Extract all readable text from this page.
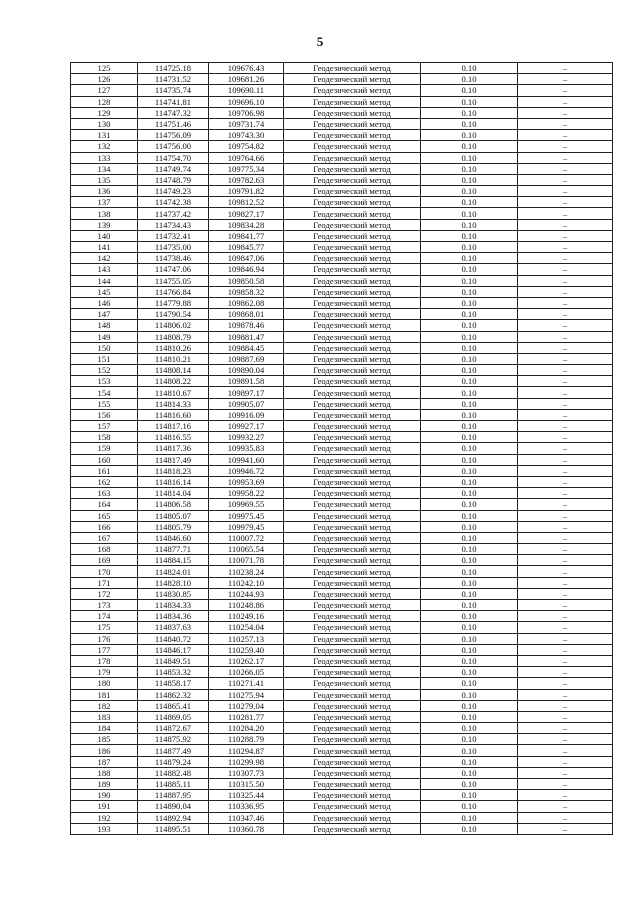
5
125	114725.18	109676.43	Геодезический метод	0.10	–
126	114731.52	109681.26	Геодезический метод	0.10	–
127	114735.74	109690.11	Геодезический метод	0.10	–
128	114741.81	109696.10	Геодезический метод	0.10	–
129	114747.32	109706.98	Геодезический метод	0.10	–
130	114751.46	109731.74	Геодезический метод	0.10	–
131	114756.09	109743.30	Геодезический метод	0.10	–
132	114756.00	109754.82	Геодезический метод	0.10	–
133	114754.70	109764.66	Геодезический метод	0.10	–
134	114749.74	109775.34	Геодезический метод	0.10	–
135	114748.79	109782.63	Геодезический метод	0.10	–
136	114749.23	109791.82	Геодезический метод	0.10	–
137	114742.38	109812.52	Геодезический метод	0.10	–
138	114737.42	109827.17	Геодезический метод	0.10	–
139	114734.43	109834.28	Геодезический метод	0.10	–
140	114732.41	109841.77	Геодезический метод	0.10	–
141	114735.00	109845.77	Геодезический метод	0.10	–
142	114738.46	109847.06	Геодезический метод	0.10	–
143	114747.06	109846.94	Геодезический метод	0.10	–
144	114755.05	109850.58	Геодезический метод	0.10	–
145	114766.84	109858.32	Геодезический метод	0.10	–
146	114779.88	109862.08	Геодезический метод	0.10	–
147	114790.54	109868.01	Геодезический метод	0.10	–
148	114806.02	109878.46	Геодезический метод	0.10	–
149	114808.79	109881.47	Геодезический метод	0.10	–
150	114810.26	109884.45	Геодезический метод	0.10	–
151	114810.21	109887.69	Геодезический метод	0.10	–
152	114808.14	109890.04	Геодезический метод	0.10	–
153	114808.22	109891.58	Геодезический метод	0.10	–
154	114810.67	109897.17	Геодезический метод	0.10	–
155	114814.33	109905.07	Геодезический метод	0.10	–
156	114816.60	109916.09	Геодезический метод	0.10	–
157	114817.16	109927.17	Геодезический метод	0.10	–
158	114816.55	109932.27	Геодезический метод	0.10	–
159	114817.36	109935.83	Геодезический метод	0.10	–
160	114817.49	109941.60	Геодезический метод	0.10	–
161	114818.23	109946.72	Геодезический метод	0.10	–
162	114816.14	109953.69	Геодезический метод	0.10	–
163	114814.04	109958.22	Геодезический метод	0.10	–
164	114806.58	109969.55	Геодезический метод	0.10	–
165	114805.07	109975.45	Геодезический метод	0.10	–
166	114805.79	109979.45	Геодезический метод	0.10	–
167	114846.60	110007.72	Геодезический метод	0.10	–
168	114877.71	110065.54	Геодезический метод	0.10	–
169	114884.15	110071.78	Геодезический метод	0.10	–
170	114824.01	110238.24	Геодезический метод	0.10	–
171	114828.10	110242.10	Геодезический метод	0.10	–
172	114830.85	110244.93	Геодезический метод	0.10	–
173	114834.33	110248.86	Геодезический метод	0.10	–
174	114834.36	110249.16	Геодезический метод	0.10	–
175	114837.63	110254.04	Геодезический метод	0.10	–
176	114840.72	110257.13	Геодезический метод	0.10	–
177	114846.17	110259.40	Геодезический метод	0.10	–
178	114849.51	110262.17	Геодезический метод	0.10	–
179	114853.32	110266.05	Геодезический метод	0.10	–
180	114858.17	110271.41	Геодезический метод	0.10	–
181	114862.32	110275.94	Геодезический метод	0.10	–
182	114865.41	110279.04	Геодезический метод	0.10	–
183	114869.05	110281.77	Геодезический метод	0.10	–
184	114872.67	110284.20	Геодезический метод	0.10	–
185	114875.92	110288.79	Геодезический метод	0.10	–
186	114877.49	110294.87	Геодезический метод	0.10	–
187	114879.24	110299.98	Геодезический метод	0.10	–
188	114882.48	110307.73	Геодезический метод	0.10	–
189	114885.11	110315.50	Геодезический метод	0.10	–
190	114887.95	110325.44	Геодезический метод	0.10	–
191	114890.04	110336.95	Геодезический метод	0.10	–
192	114892.94	110347.46	Геодезический метод	0.10	–
193	114895.51	110360.78	Геодезический метод	0.10	–
